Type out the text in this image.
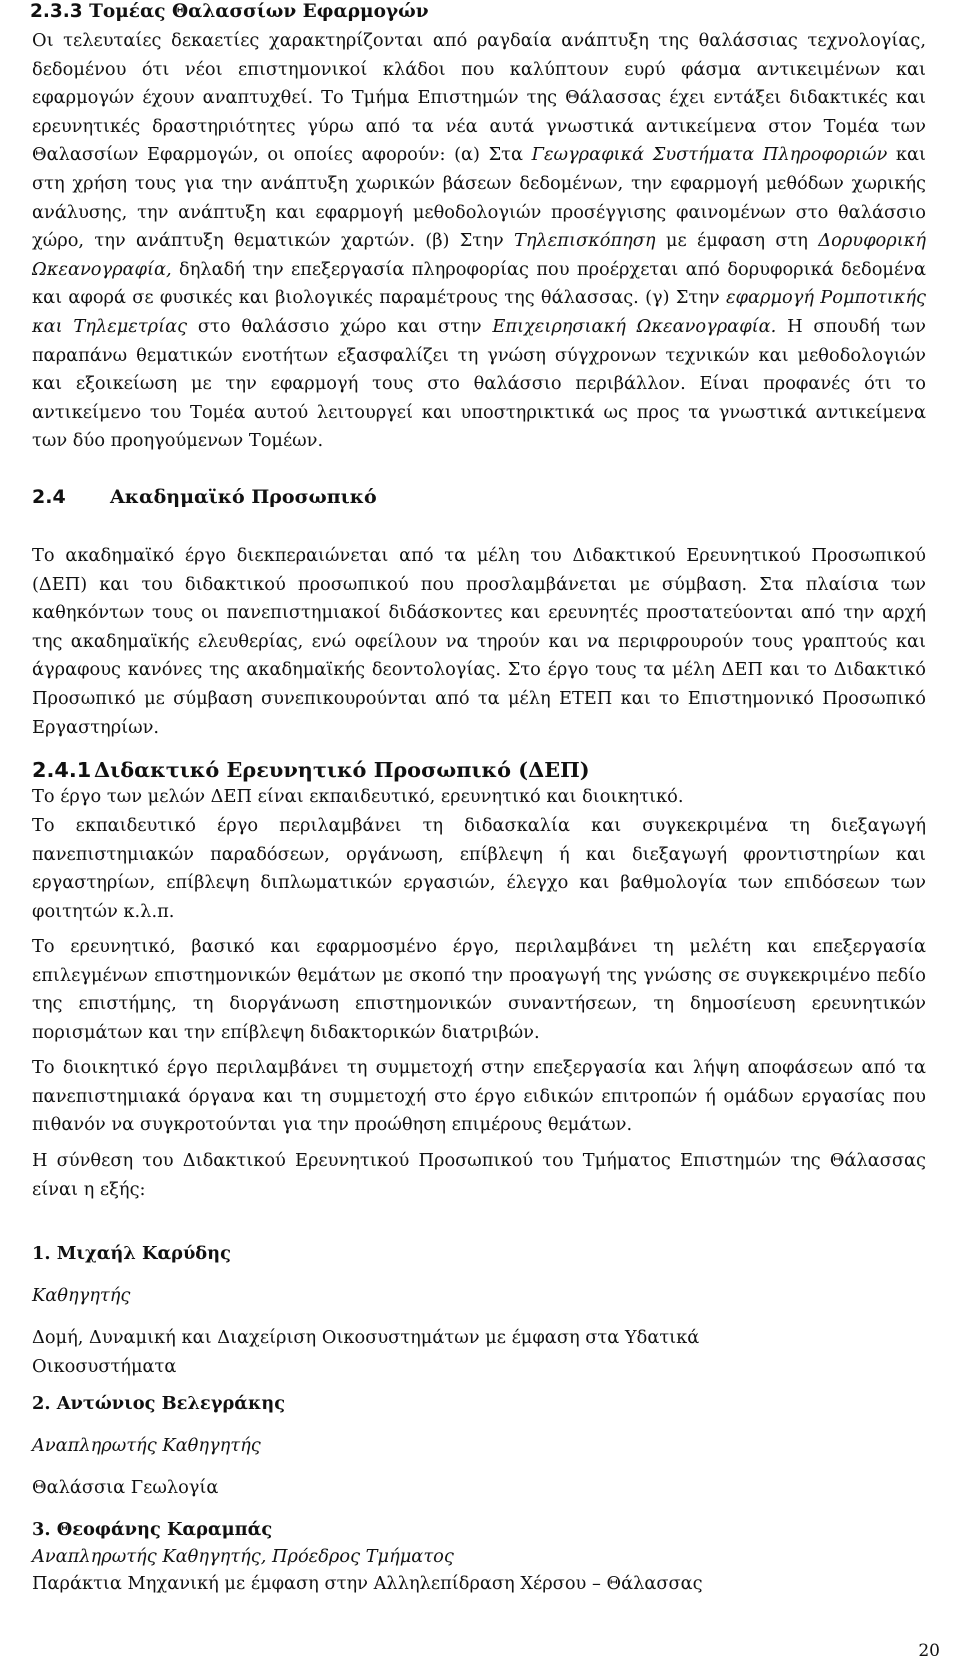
2.3.3 Τομέας Θαλασσίων Εφαρμογών

Οι τελευταίες δεκαετίες χαρακτηρίζονται από ραγδαία ανάπτυξη της θαλάσσιας τεχνολογίας, δεδομένου ότι νέοι επιστημονικοί κλάδοι που καλύπτουν ευρύ φάσμα αντικειμένων και εφαρμογών έχουν αναπτυχθεί. Το Τμήμα Επιστημών της Θάλασσας έχει εντάξει διδακτικές και ερευνητικές δραστηριότητες γύρω από τα νέα αυτά γνωστικά αντικείμενα στον Τομέα των Θαλασσίων Εφαρμογών, οι οποίες αφορούν: (α) Στα Γεωγραφικά Συστήματα Πληροφοριών και στη χρήση τους για την ανάπτυξη χωρικών βάσεων δεδομένων, την εφαρμογή μεθόδων χωρικής ανάλυσης, την ανάπτυξη και εφαρμογή μεθοδολογιών προσέγγισης φαινομένων στο θαλάσσιο χώρο, την ανάπτυξη θεματικών χαρτών. (β) Στην Τηλεπισκόπηση με έμφαση στη Δορυφορική Ωκεανογραφία, δηλαδή την επεξεργασία πληροφορίας που προέρχεται από δορυφορικά δεδομένα και αφορά σε φυσικές και βιολογικές παραμέτρους της θάλασσας. (γ) Στην εφαρμογή Ρομποτικής και Τηλεμετρίας στο θαλάσσιο χώρο και στην Επιχειρησιακή Ωκεανογραφία. Η σπουδή των παραπάνω θεματικών ενοτήτων εξασφαλίζει τη γνώση σύγχρονων τεχνικών και μεθοδολογιών και εξοικείωση με την εφαρμογή τους στο θαλάσσιο περιβάλλον. Είναι προφανές ότι το αντικείμενο του Τομέα αυτού λειτουργεί και υποστηρικτικά ως προς τα γνωστικά αντικείμενα των δύο προηγούμενων Τομέων.

2.4 Ακαδημαϊκό Προσωπικό

Το ακαδημαϊκό έργο διεκπεραιώνεται από τα μέλη του Διδακτικού Ερευνητικού Προσωπικού (ΔΕΠ) και του διδακτικού προσωπικού που προσλαμβάνεται με σύμβαση. Στα πλαίσια των καθηκόντων τους οι πανεπιστημιακοί διδάσκοντες και ερευνητές προστατεύονται από την αρχή της ακαδημαϊκής ελευθερίας, ενώ οφείλουν να τηρούν και να περιφρουρούν τους γραπτούς και άγραφους κανόνες της ακαδημαϊκής δεοντολογίας. Στο έργο τους τα μέλη ΔΕΠ και το Διδακτικό Προσωπικό με σύμβαση συνεπικουρούνται από τα μέλη ΕΤΕΠ και το Επιστημονικό Προσωπικό Εργαστηρίων.

2.4.1 Διδακτικό Ερευνητικό Προσωπικό (ΔΕΠ)

Το έργο των μελών ΔΕΠ είναι εκπαιδευτικό, ερευνητικό και διοικητικό.

Το εκπαιδευτικό έργο περιλαμβάνει τη διδασκαλία και συγκεκριμένα τη διεξαγωγή πανεπιστημιακών παραδόσεων, οργάνωση, επίβλεψη ή και διεξαγωγή φροντιστηρίων και εργαστηρίων, επίβλεψη διπλωματικών εργασιών, έλεγχο και βαθμολογία των επιδόσεων των φοιτητών κ.λ.π.

Το ερευνητικό, βασικό και εφαρμοσμένο έργο, περιλαμβάνει τη μελέτη και επεξεργασία επιλεγμένων επιστημονικών θεμάτων με σκοπό την προαγωγή της γνώσης σε συγκεκριμένο πεδίο της επιστήμης, τη διοργάνωση επιστημονικών συναντήσεων, τη δημοσίευση ερευνητικών πορισμάτων και την επίβλεψη διδακτορικών διατριβών.

Το διοικητικό έργο περιλαμβάνει τη συμμετοχή στην επεξεργασία και λήψη αποφάσεων από τα πανεπιστημιακά όργανα και τη συμμετοχή στο έργο ειδικών επιτροπών ή ομάδων εργασίας που πιθανόν να συγκροτούνται για την προώθηση επιμέρους θεμάτων.

Η σύνθεση του Διδακτικού Ερευνητικού Προσωπικού του Τμήματος Επιστημών της Θάλασσας είναι η εξής:

1. Μιχαήλ Καρύδης

Καθηγητής

Δομή, Δυναμική και Διαχείριση Οικοσυστημάτων με έμφαση στα Υδατικά Οικοσυστήματα

2. Αντώνιος Βελεγράκης

Αναπληρωτής Καθηγητής

Θαλάσσια Γεωλογία

3. Θεοφάνης Καραμπάς

Αναπληρωτής Καθηγητής, Πρόεδρος Τμήματος

Παράκτια Μηχανική με έμφαση στην Αλληλεπίδραση Χέρσου – Θάλασσας

20
